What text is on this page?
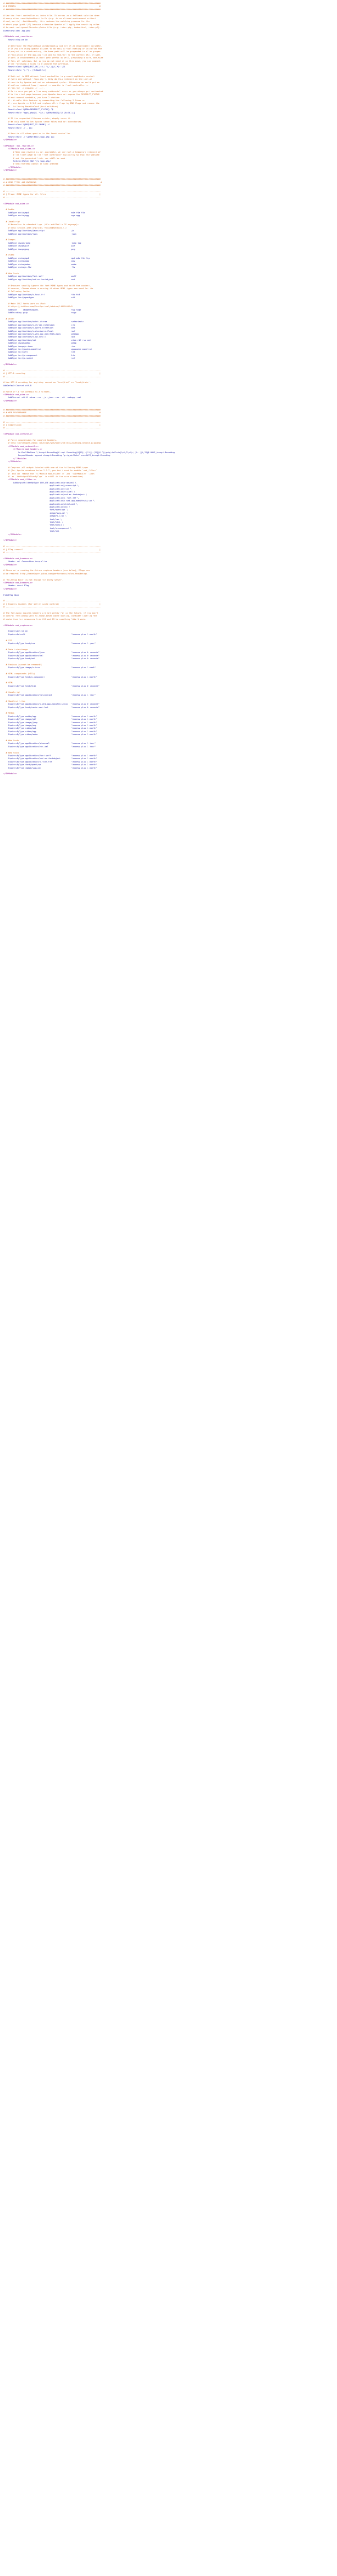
# ##############################################################################
# # ERRORS                                                                     #
# ##############################################################################
# Use the front controller as index file. It serves as a fallback solution when
# every other rewrite/redirect fails (e.g. in an aliased environment without
# mod_rewrite). Additionally, this reduces the matching process for the
# start page (path "/") because otherwise Apache will apply the rewriting rules
# to each configured DirectoryIndex file (e.g. index.php, index.html, index.pl).
DirectoryIndex app.php
<IfModule mod_rewrite.c>
RewriteEngine On
# Determine the RewriteBase automatically and set it as environment variable.
# If you are using Apache aliases to do mass virtual hosting or installed the
# project in a subdirectory, the base path will be prepended to allow proper
# resolution of the app.php file and to redirect to the correct URI. It will
# work in environments without path prefix as well, providing a safe, one-size
# fits all solution. But as you do not need it in this case, you can comment
# the following 2 lines to eliminate the overhead.
RewriteCond %{REQUEST_URI}::$1 ^(/.+)/(.*)::\2$
RewriteRule ^(.*) - [E=BASE:%1]
# Redirect to URI without front controller to prevent duplicate content
# (with and without `/app.php`). Only do this redirect on the initial
# rewrite by Apache and not on subsequent cycles. Otherwise we would get an
# endless redirect loop (request -> rewrite to front controller ->
# redirect -> request -> ...).
# So in case you get a "too many redirects" error or you always get redirected
# to the start page because your Apache does not expose the REDIRECT_STATUS
# environment variable, you have 2 choices:
# - disable this feature by commenting the following 2 lines or
# - use Apache >= 2.3.9 and replace all L flags by END flags and remove the
#   following RewriteCond (best solution)
RewriteCond %{ENV:REDIRECT_STATUS} ^$
RewriteRule ^app\.php(/(.*)|$) %{ENV:BASE}/$2 [R=301,L]
# If the requested filename exists, simply serve it.
# We only want to let Apache serve files and not directories.
RewriteCond %{REQUEST_FILENAME} -f
RewriteRule .? - [L]
# Rewrite all other queries to the front controller.
RewriteRule .? %{ENV:BASE}/app.php [L]
</IfModule>
<IfModule !mod_rewrite.c>
<IfModule mod_alias.c>
# When mod_rewrite is not available, we instruct a temporary redirect of
# the start page to the front controller explicitly so that the website
# and the generated links can still be used.
RedirectMatch 302 ^/$ /app.php/
# RedirectTemp cannot be used instead
</IfModule>
</IfModule>
# ##############################################################################
# # MIME TYPES AND ENCODING                                                     #
# ##############################################################################
# ------------------------------------------------------------------------------
# | Proper MIME types for all files                                            |
# ------------------------------------------------------------------------------
<IfModule mod_mime.c>
# Audio
AddType audio/mp4                                   m4a f4a f4b
AddType audio/ogg                                   oga ogg
# JavaScript
# Normalize to standard type (it's sniffed in IE anyways):
# http://tools.ietf.org/html/rfc4329#section-7.2
AddType application/javascript                      js
AddType application/json                            json
# Images
AddType image/jpeg                                  jpeg jpg
AddType image/gif                                   gif
AddType image/png                                   png
# Video
AddType video/mp4                                   mp4 m4v f4v f4p
AddType video/ogg                                   ogv
AddType video/webm                                  webm
AddType video/x-flv                                 flv
# Web fonts
AddType application/font-woff                       woff
AddType application/vnd.ms-fontobject               eot
# Browsers usually ignore the font MIME types and sniff the content,
# however, Chrome shows a warning if other MIME types are used for the
# following fonts.
AddType application/x-font-ttf                      ttc ttf
AddType font/opentype                               otf
# Make SVGZ fonts work on iPad:
# https://twitter.com/FontSquirrel/status/14855840545
AddType     image/svg+xml                           svg svgz
AddEncoding gzip                                    svgz
# Other
AddType application/octet-stream                    safariextz
AddType application/x-chrome-extension              crx
AddType application/x-opera-extension               oex
AddType application/x-shockwave-flash               swf
AddType application/x-web-app-manifest+json         webapp
AddType application/x-xpinstall                     xpi
AddType application/xml                             atom rdf rss xml
AddType image/webp                                  webp
AddType image/x-icon                                ico
AddType text/cache-manifest                         appcache manifest
AddType text/vtt                                    vtt
AddType text/x-component                            htc
AddType text/x-vcard                                vcf
</IfModule>
# ------------------------------------------------------------------------------
# | UTF-8 encoding                                                             |
# ------------------------------------------------------------------------------
# Use UTF-8 encoding for anything served as `text/html` or `text/plain`.
AddDefaultCharset utf-8
# Force UTF-8 for certain file formats.
<IfModule mod_mime.c>
AddCharset utf-8 .atom .css .js .json .rss .vtt .webapp .xml
</IfModule>
# ##############################################################################
# # WEB PERFORMANCE                                                            #
# ##############################################################################
# ------------------------------------------------------------------------------
# | Compression                                                                |
# ------------------------------------------------------------------------------
<IfModule mod_deflate.c>
# Force compression for mangled headers.
# http://developer.yahoo.com/blogs/ydn/posts/2010/12/pushing-beyond-gzipping
<IfModule mod_setenvif.c>
<IfModule mod_headers.c>
SetEnvIfNoCase ^(Accept-EncodXng|X-cept-Encoding|X{15}|~{15}|-{15})$ ^((gzip|deflate)\s*,?\s*)+|[X~-]{4,13}$ HAVE_Accept-Encoding
RequestHeader append Accept-Encoding "gzip,deflate" env=HAVE_Accept-Encoding
</IfModule>
</IfModule>
# Compress all output labeled with one of the following MIME-types
# (for Apache versions below 2.3.7, you don't need to enable `mod_filter`
#  and can remove the `<IfModule mod_filter.c>` and `</IfModule>` lines
#  as `AddOutputFilterByType` is still in the core directives).
<IfModule mod_filter.c>
AddOutputFilterByType DEFLATE application/atom+xml \
application/javascript \
application/json \
application/rss+xml \
application/vnd.ms-fontobject \
application/x-font-ttf \
application/x-web-app-manifest+json \
application/xhtml+xml \
application/xml \
font/opentype \
image/svg+xml \
image/x-icon \
text/css \
text/html \
text/plain \
text/x-component \
text/xml
</IfModule>
</IfModule>
# ------------------------------------------------------------------------------
# | ETag removal                                                               |
# ------------------------------------------------------------------------------
<IfModule mod_headers.c>
Header set Connection keep-alive
</IfModule>
# Since we're sending far-future expires headers (see below), ETags can
# be removed: http://developer.yahoo.com/performance/rules.html#etags.
# `FileETag None` is not enough for every server.
<IfModule mod_headers.c>
Header unset ETag
</IfModule>
FileETag None
# ------------------------------------------------------------------------------
# | Expires headers (for better cache control)                                 |
# ------------------------------------------------------------------------------
# The following expires headers are set pretty far in the future. If you don't
# control versioning with filename-based cache busting, consider lowering the
# cache time for resources like CSS and JS to something like 1 week.
<IfModule mod_expires.c>
ExpiresActive on
ExpiresDefault                                      "access plus 1 month"
# CSS
ExpiresByType text/css                              "access plus 1 year"
# Data interchange
ExpiresByType application/json                      "access plus 0 seconds"
ExpiresByType application/xml                       "access plus 0 seconds"
ExpiresByType text/xml                              "access plus 0 seconds"
# Favicon (cannot be renamed!)
ExpiresByType image/x-icon                          "access plus 1 week"
# HTML components (HTCs)
ExpiresByType text/x-component                      "access plus 1 month"
# HTML
ExpiresByType text/html                             "access plus 0 seconds"
# JavaScript
ExpiresByType application/javascript                "access plus 1 year"
# Manifest files
ExpiresByType application/x-web-app-manifest+json   "access plus 0 seconds"
ExpiresByType text/cache-manifest                   "access plus 0 seconds"
# Media
ExpiresByType audio/ogg                             "access plus 1 month"
ExpiresByType image/gif                             "access plus 1 month"
ExpiresByType image/jpeg                            "access plus 1 month"
ExpiresByType image/png                             "access plus 1 month"
ExpiresByType video/mp4                             "access plus 1 month"
ExpiresByType video/ogg                             "access plus 1 month"
ExpiresByType video/webm                            "access plus 1 month"
# Web feeds
ExpiresByType application/atom+xml                  "access plus 1 hour"
ExpiresByType application/rss+xml                   "access plus 1 hour"
# Web fonts
ExpiresByType application/font-woff                 "access plus 1 month"
ExpiresByType application/vnd.ms-fontobject         "access plus 1 month"
ExpiresByType application/x-font-ttf                "access plus 1 month"
ExpiresByType font/opentype                         "access plus 1 month"
ExpiresByType image/svg+xml                         "access plus 1 month"
</IfModule>
